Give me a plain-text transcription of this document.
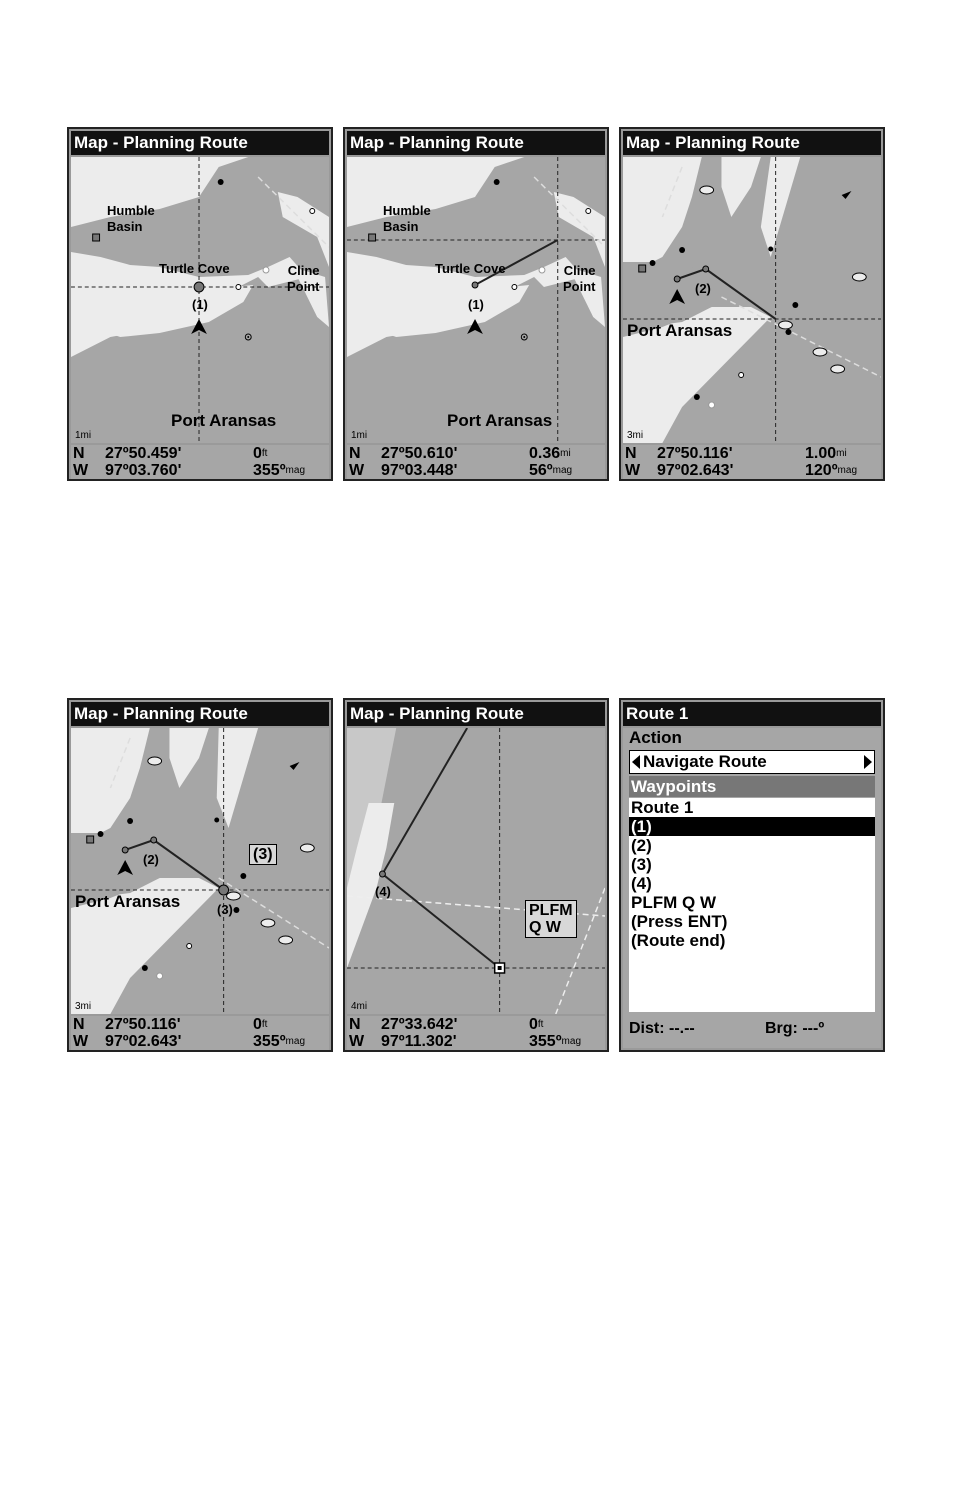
Map - Planning Route
Humble
Basin
Turtle Cove	Cline
Point
(1)
Port Aransas
1mi
N 27º50.459'	$0^{ft}$
W 97º03.760'	355º$^{mag}$
Map - Planning Route
Humble
Basin
Turtle Cove	Cline
Point
(1)
Port Aransas
1mi
N 27º50.610'	$0.36^{mi}$
W 97º03.448'	56º$^{mag}$
Map - Planning Route
Port Aransas
(2)
3mi
N 27º50.116'	$1.00^{mi}$
W 97º02.643'	120º$^{mag}$
Map - Planning Route
Port Aransas
(2)
(3)
(3)
3mi
N 27º50.116'	$0^{ft}$
W 97º02.643'	355º$^{mag}$
Map - Planning Route
(4)
PLFM
Q W
4mi
N 27º33.642'	$0^{ft}$
W 97º11.302'	355º$^{mag}$
Route 1
Action
Navigate Route
Waypoints
Route 1
(1)
(2)
(3)
(4)
PLFM Q W
(Press ENT)
(Route end)
Dist: --.--	Brg: ---º
